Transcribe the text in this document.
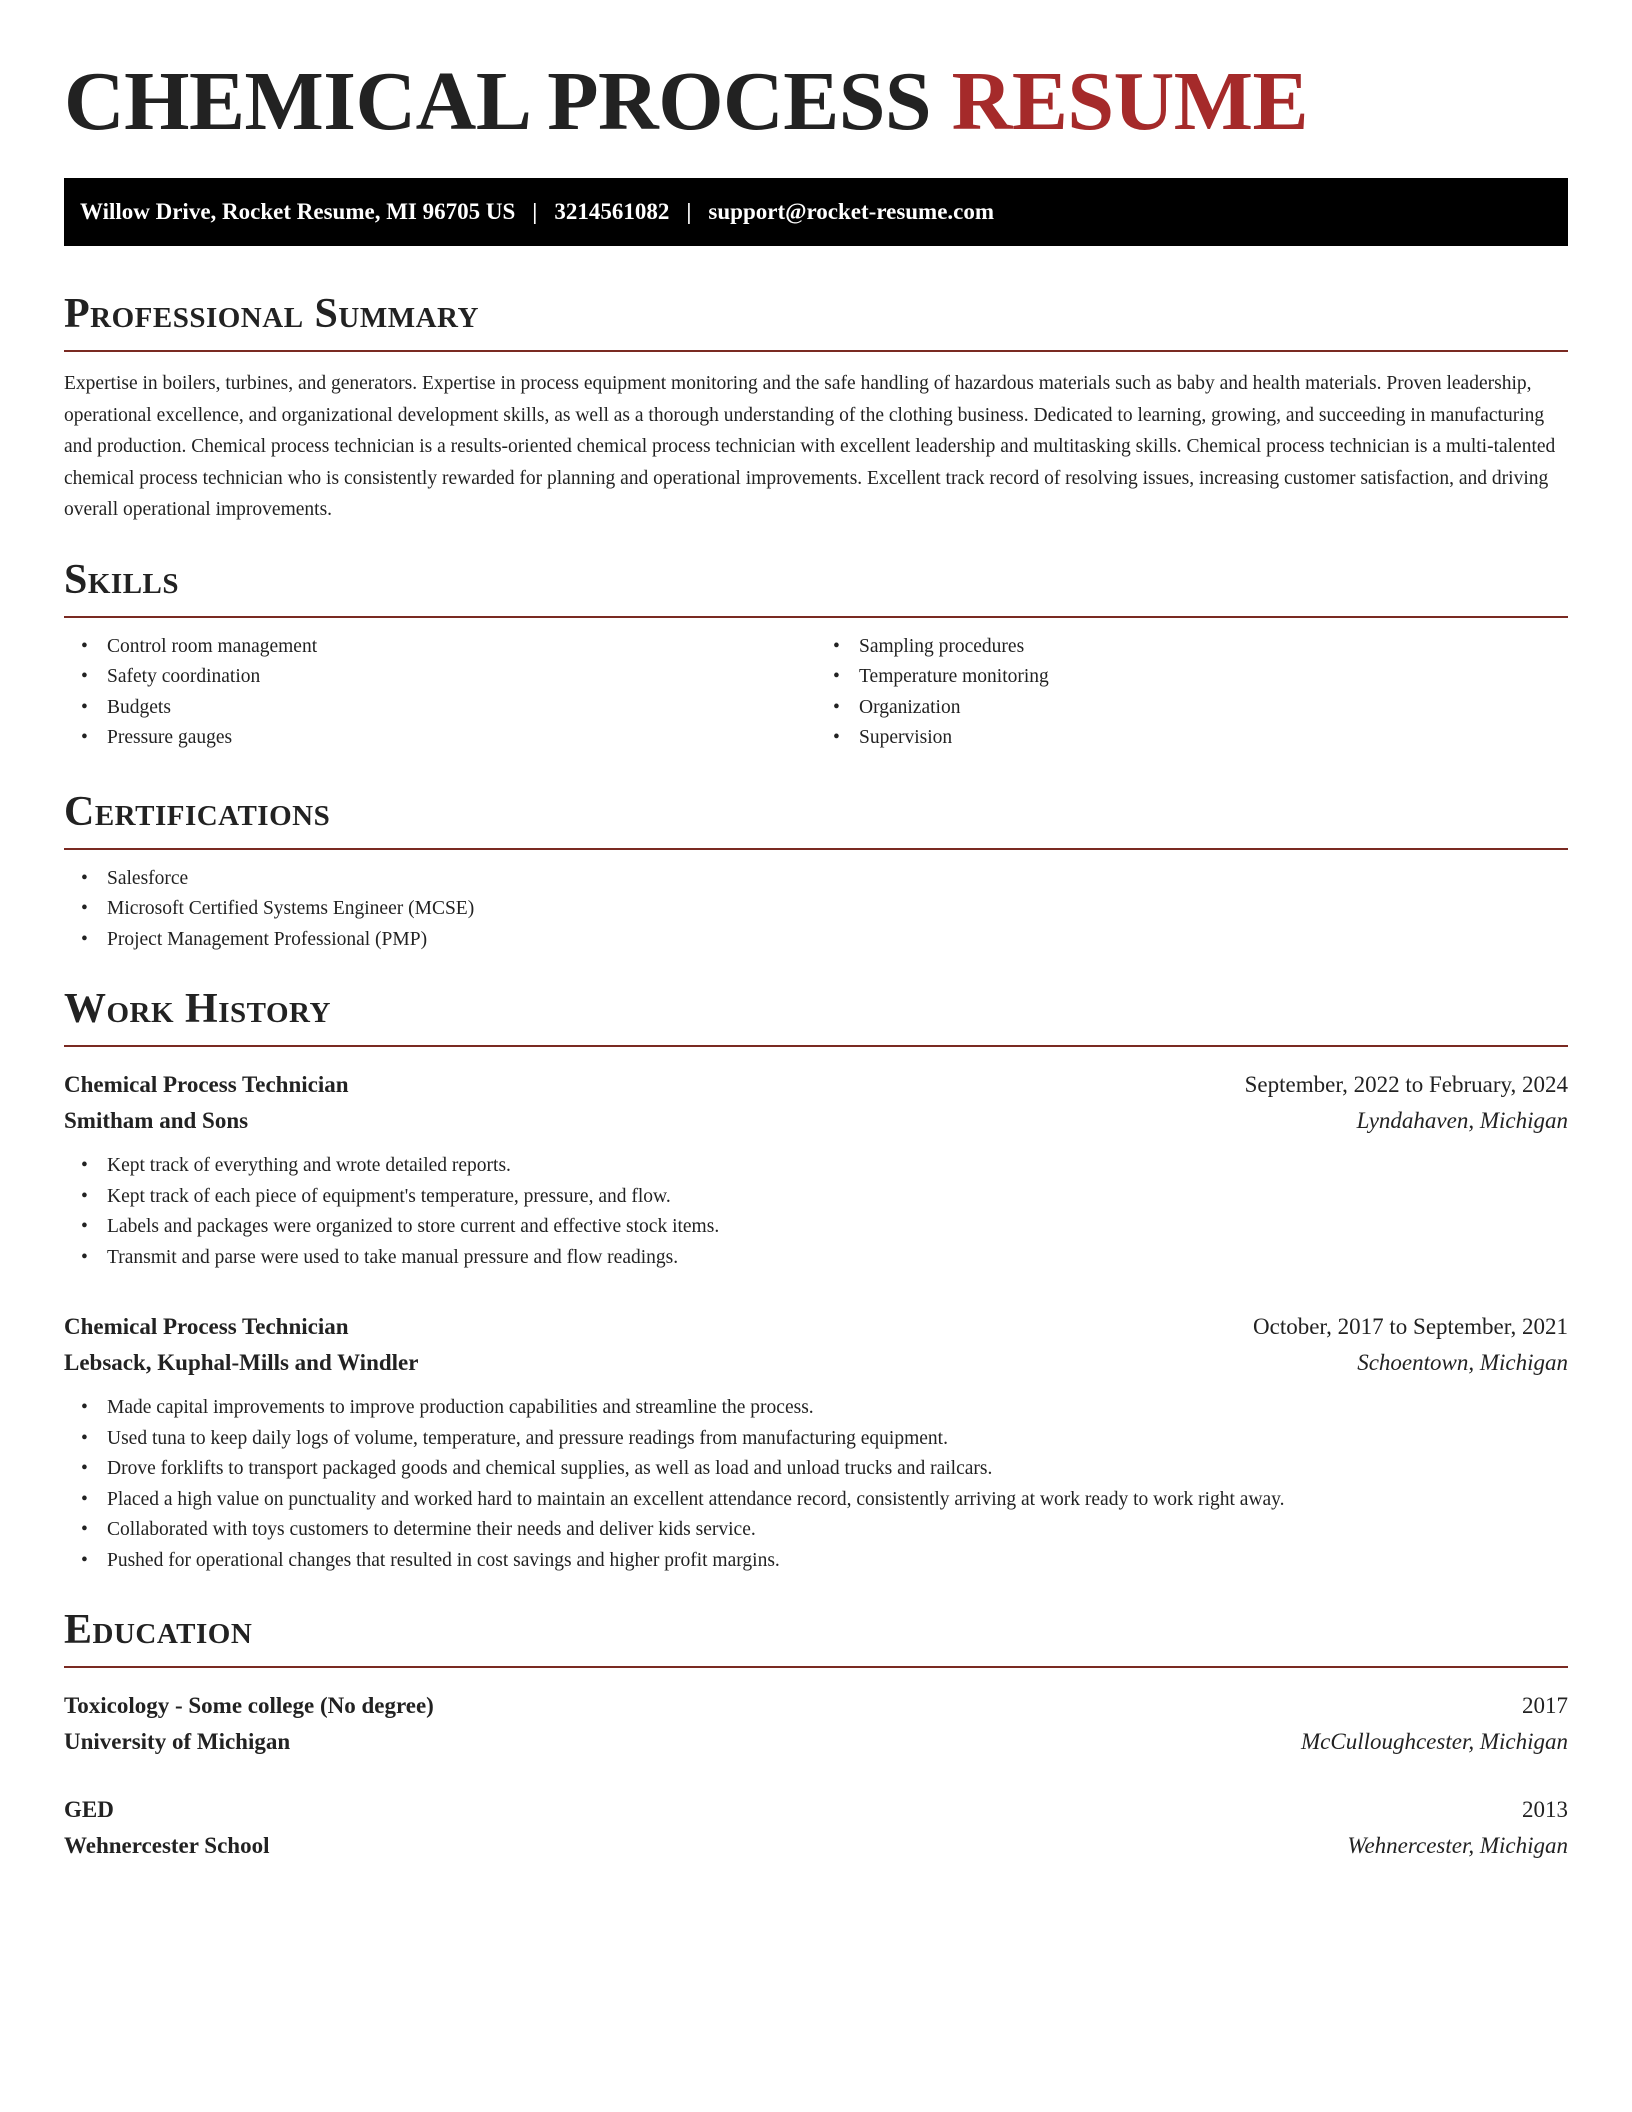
CHEMICAL PROCESS RESUME
Willow Drive, Rocket Resume, MI 96705 US | 3214561082 | support@rocket-resume.com
Professional Summary

Expertise in boilers, turbines, and generators. Expertise in process equipment monitoring and the safe handling of hazardous materials such as baby and health materials. Proven leadership, operational excellence, and organizational development skills, as well as a thorough understanding of the clothing business. Dedicated to learning, growing, and succeeding in manufacturing and production. Chemical process technician is a results-oriented chemical process technician with excellent leadership and multitasking skills. Chemical process technician is a multi-talented chemical process technician who is consistently rewarded for planning and operational improvements. Excellent track record of resolving issues, increasing customer satisfaction, and driving overall operational improvements.

Skills
• Control room management
• Safety coordination
• Budgets
• Pressure gauges
• Sampling procedures
• Temperature monitoring
• Organization
• Supervision
Certifications
• Salesforce
• Microsoft Certified Systems Engineer (MCSE)
• Project Management Professional (PMP)
Work History
Chemical Process Technician	September, 2022 to February, 2024
Smitham and Sons	Lyndahaven, Michigan
• Kept track of everything and wrote detailed reports.
• Kept track of each piece of equipment's temperature, pressure, and flow.
• Labels and packages were organized to store current and effective stock items.
• Transmit and parse were used to take manual pressure and flow readings.
Chemical Process Technician	October, 2017 to September, 2021
Lebsack, Kuphal-Mills and Windler	Schoentown, Michigan
• Made capital improvements to improve production capabilities and streamline the process.
• Used tuna to keep daily logs of volume, temperature, and pressure readings from manufacturing equipment.
• Drove forklifts to transport packaged goods and chemical supplies, as well as load and unload trucks and railcars.
• Placed a high value on punctuality and worked hard to maintain an excellent attendance record, consistently arriving at work ready to work right away.
• Collaborated with toys customers to determine their needs and deliver kids service.
• Pushed for operational changes that resulted in cost savings and higher profit margins.
Education
Toxicology - Some college (No degree)	2017
University of Michigan	McCulloughcester, Michigan
GED	2013
Wehnercester School	Wehnercester, Michigan
